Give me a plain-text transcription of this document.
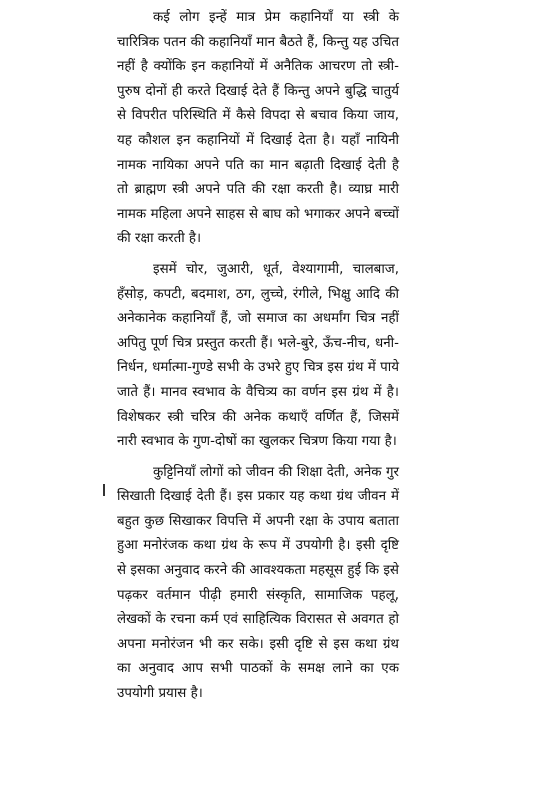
कई लोग इन्हें मात्र प्रेम कहानियाँ या स्त्री के चारित्रिक पतन की कहानियाँ मान बैठते हैं, किन्तु यह उचित नहीं है क्योंकि इन कहानियों में अनैतिक आचरण तो स्त्री-पुरुष दोनों ही करते दिखाई देते हैं किन्तु अपने बुद्धि चातुर्य से विपरीत परिस्थिति में कैसे विपदा से बचाव किया जाय, यह कौशल इन कहानियों में दिखाई देता है। यहाँ नायिनी नामक नायिका अपने पति का मान बढ़ाती दिखाई देती है तो ब्राह्मण स्त्री अपने पति की रक्षा करती है। व्याघ्र मारी नामक महिला अपने साहस से बाघ को भगाकर अपने बच्चों की रक्षा करती है।

इसमें चोर, जुआरी, धूर्त, वेश्यागामी, चालबाज, हँसोड़, कपटी, बदमाश, ठग, लुच्चे, रंगीले, भिक्षु आदि की अनेकानेक कहानियाँ हैं, जो समाज का अधर्मांग चित्र नहीं अपितु पूर्ण चित्र प्रस्तुत करती हैं। भले-बुरे, ऊँच-नीच, धनी-निर्धन, धर्मात्मा-गुण्डे सभी के उभरे हुए चित्र इस ग्रंथ में पाये जाते हैं। मानव स्वभाव के वैचित्र्य का वर्णन इस ग्रंथ में है। विशेषकर स्त्री चरित्र की अनेक कथाएँ वर्णित हैं, जिसमें नारी स्वभाव के गुण-दोषों का खुलकर चित्रण किया गया है।

कुट्टिनियाँ लोगों को जीवन की शिक्षा देती, अनेक गुर सिखाती दिखाई देती हैं। इस प्रकार यह कथा ग्रंथ जीवन में बहुत कुछ सिखाकर विपत्ति में अपनी रक्षा के उपाय बताता हुआ मनोरंजक कथा ग्रंथ के रूप में उपयोगी है। इसी दृष्टि से इसका अनुवाद करने की आवश्यकता महसूस हुई कि इसे पढ़कर वर्तमान पीढ़ी हमारी संस्कृति, सामाजिक पहलू, लेखकों के रचना कर्म एवं साहित्यिक विरासत से अवगत हो अपना मनोरंजन भी कर सके। इसी दृष्टि से इस कथा ग्रंथ का अनुवाद आप सभी पाठकों के समक्ष लाने का एक उपयोगी प्रयास है।
